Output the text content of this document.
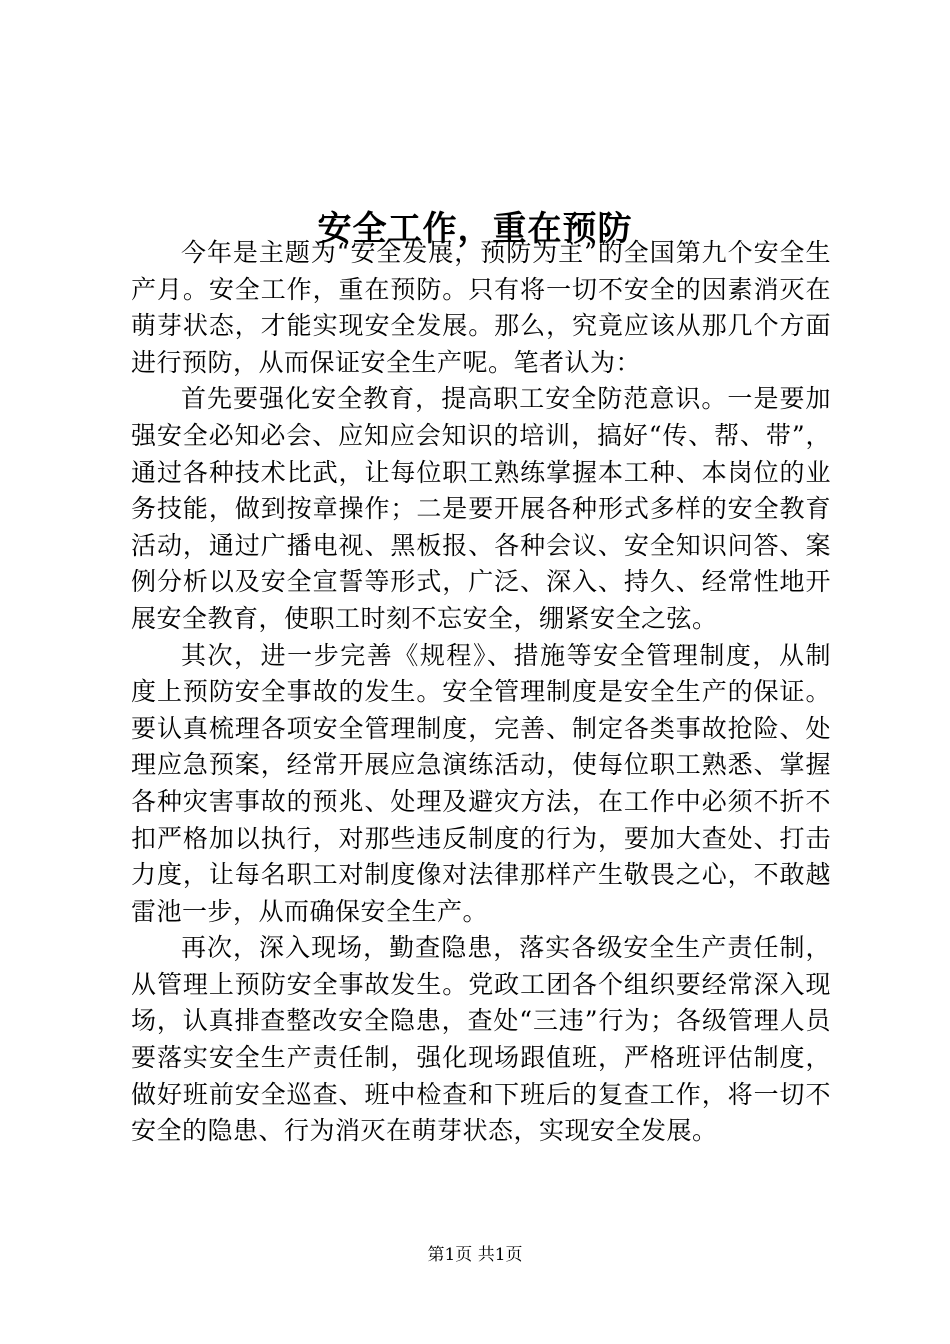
安全工作，重在预防

今年是主题为“安全发展，预防为主”的全国第九个安全生产月。安全工作，重在预防。只有将一切不安全的因素消灭在萌芽状态，才能实现安全发展。那么，究竟应该从那几个方面进行预防，从而保证安全生产呢。笔者认为：

首先要强化安全教育，提高职工安全防范意识。一是要加强安全必知必会、应知应会知识的培训，搞好“传、帮、带”，通过各种技术比武，让每位职工熟练掌握本工种、本岗位的业务技能，做到按章操作；二是要开展各种形式多样的安全教育活动，通过广播电视、黑板报、各种会议、安全知识问答、案例分析以及安全宣誓等形式，广泛、深入、持久、经常性地开展安全教育，使职工时刻不忘安全，绷紧安全之弦。

其次，进一步完善《规程》、措施等安全管理制度，从制度上预防安全事故的发生。安全管理制度是安全生产的保证。要认真梳理各项安全管理制度，完善、制定各类事故抢险、处理应急预案，经常开展应急演练活动，使每位职工熟悉、掌握各种灾害事故的预兆、处理及避灾方法，在工作中必须不折不扣严格加以执行，对那些违反制度的行为，要加大查处、打击力度，让每名职工对制度像对法律那样产生敬畏之心，不敢越雷池一步，从而确保安全生产。

再次，深入现场，勤查隐患，落实各级安全生产责任制，从管理上预防安全事故发生。党政工团各个组织要经常深入现场，认真排查整改安全隐患，查处“三违”行为；各级管理人员要落实安全生产责任制，强化现场跟值班，严格班评估制度，做好班前安全巡查、班中检查和下班后的复查工作，将一切不安全的隐患、行为消灭在萌芽状态，实现安全发展。

第1页 共1页
